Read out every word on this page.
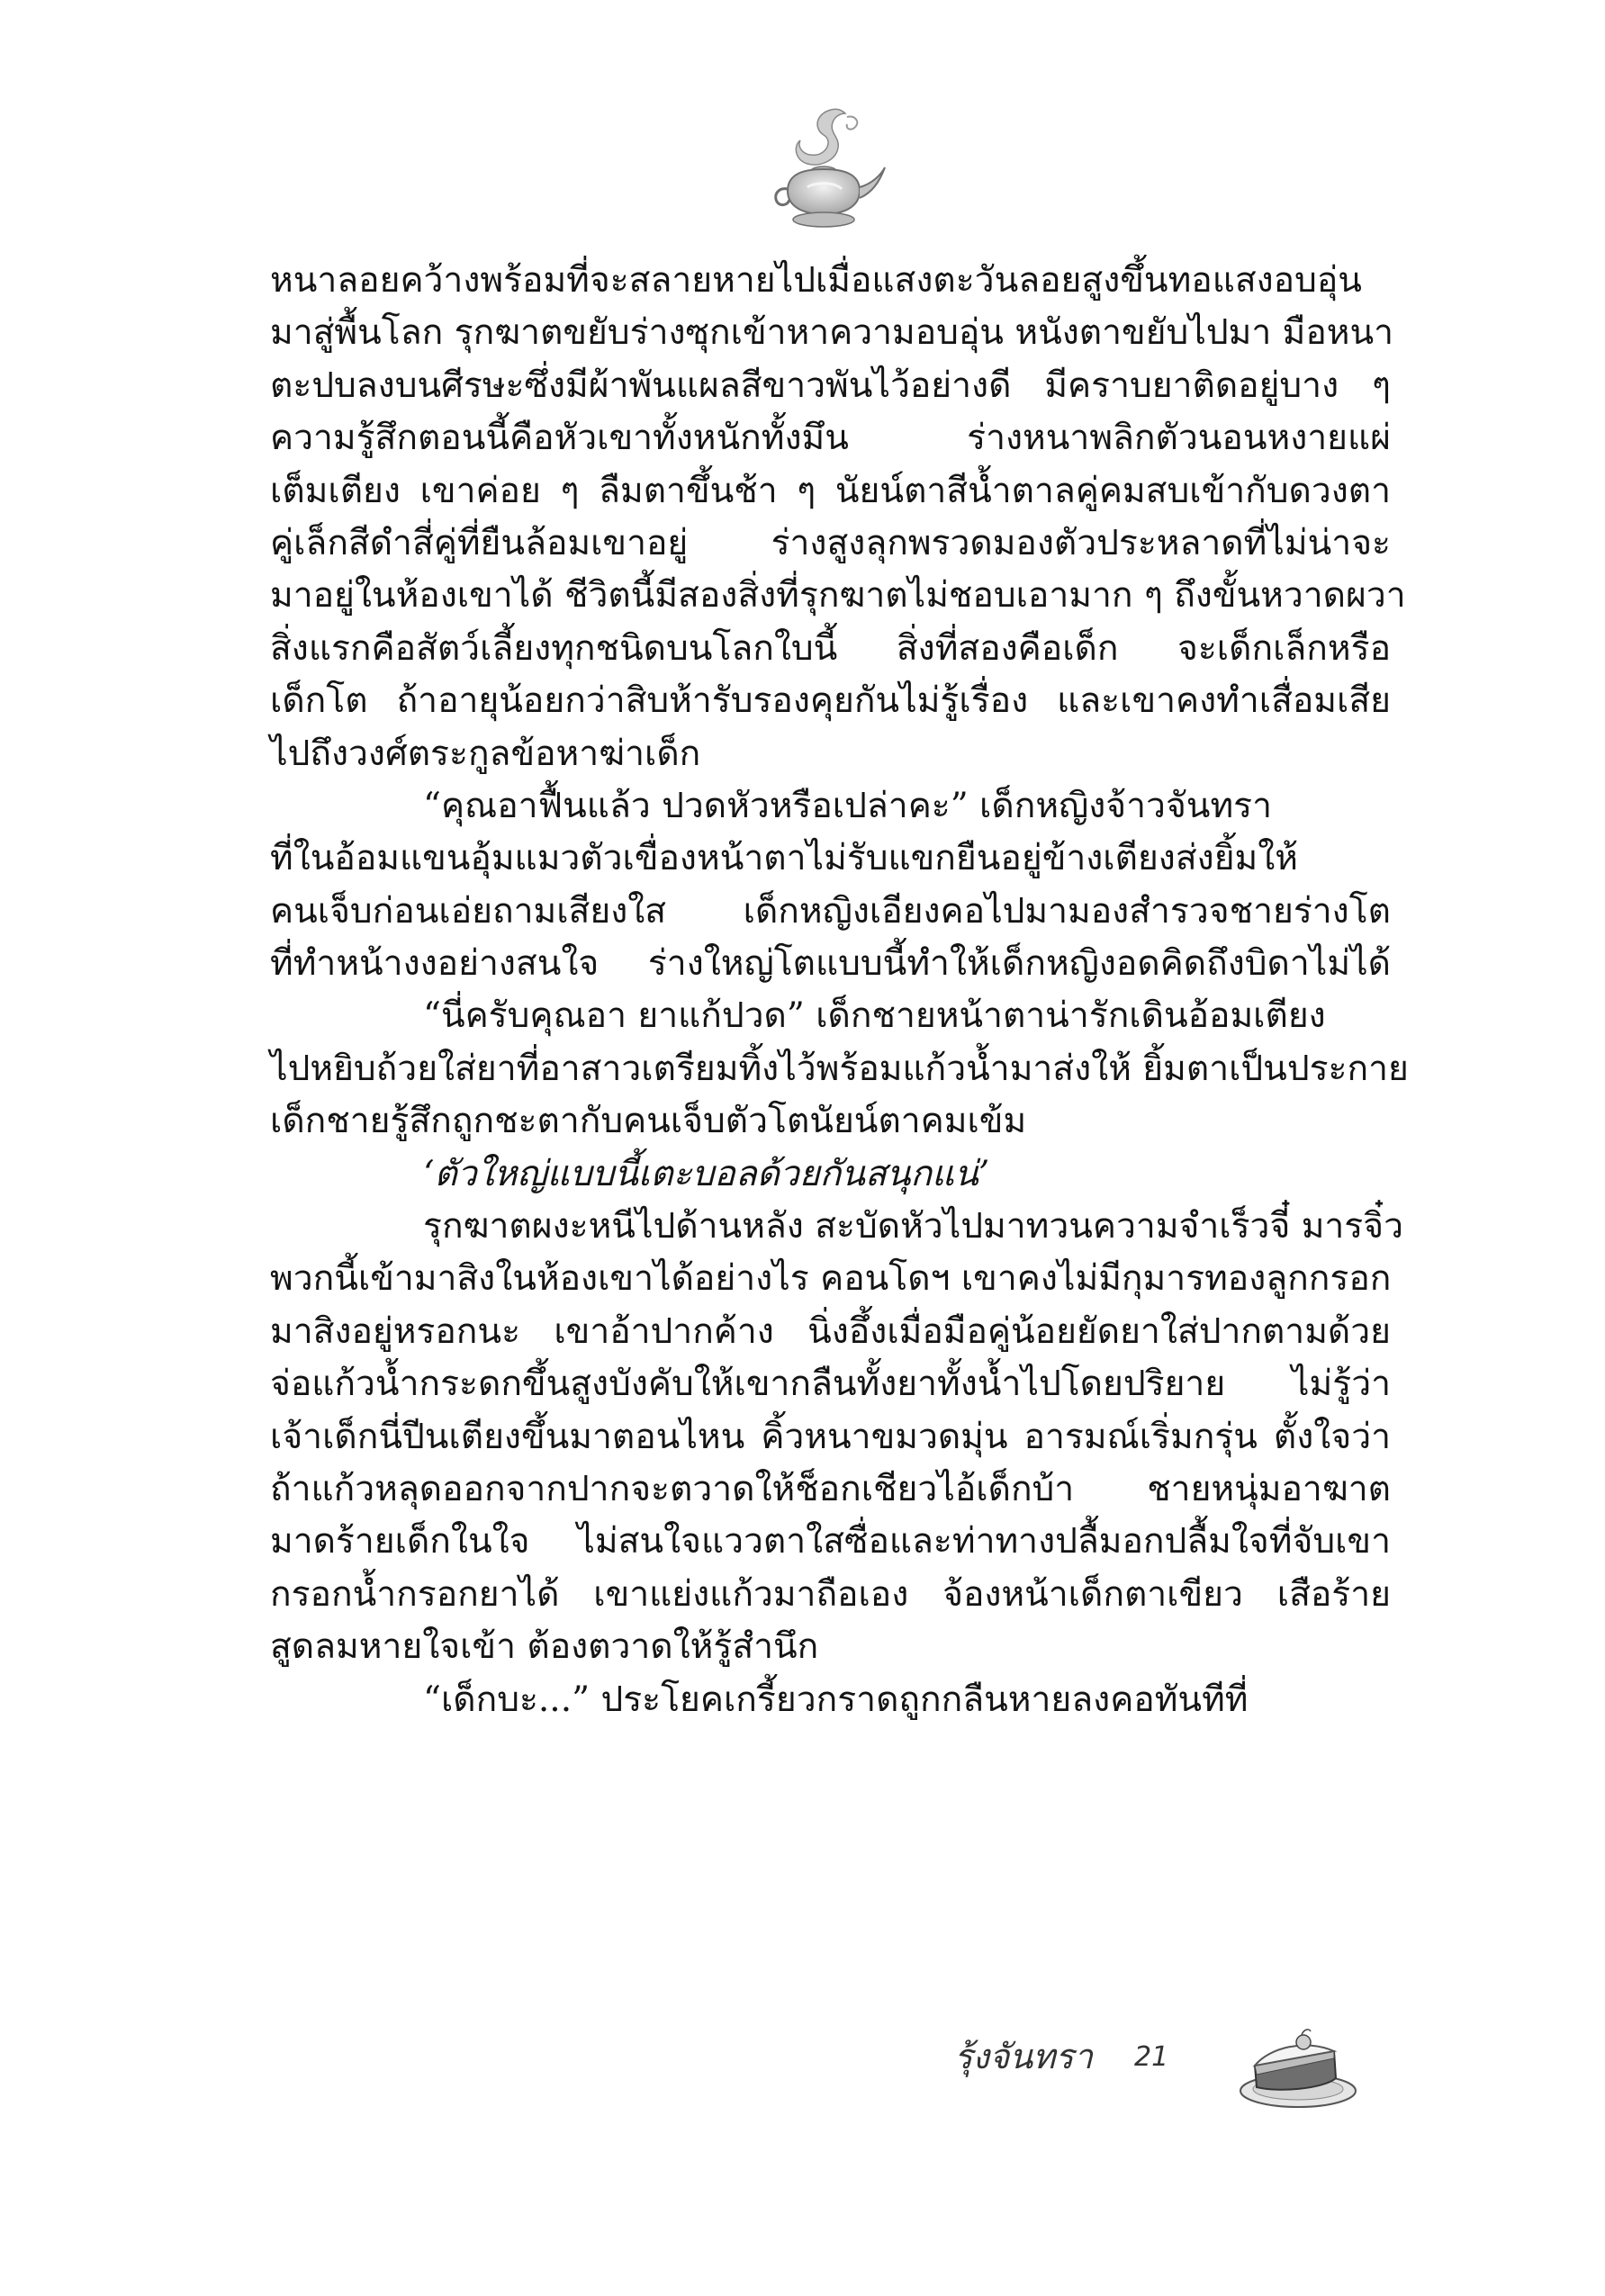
หนาลอยคว้างพร้อมที่จะสลายหายไปเมื่อแสงตะวันลอยสูงขึ้นทอแสงอบอุ่น
มาสู่พื้นโลก รุกฆาตขยับร่างซุกเข้าหาความอบอุ่น หนังตาขยับไปมา มือหนา
ตะปบลงบนศีรษะซึ่งมีผ้าพันแผลสีขาวพันไว้อย่างดี มีคราบยาติดอยู่บาง ๆ
ความรู้สึกตอนนี้คือหัวเขาทั้งหนักทั้งมึน ร่างหนาพลิกตัวนอนหงายแผ่
เต็มเตียง เขาค่อย ๆ ลืมตาขึ้นช้า ๆ นัยน์ตาสีน้ำตาลคู่คมสบเข้ากับดวงตา
คู่เล็กสีดำสี่คู่ที่ยืนล้อมเขาอยู่ ร่างสูงลุกพรวดมองตัวประหลาดที่ไม่น่าจะ
มาอยู่ในห้องเขาได้ ชีวิตนี้มีสองสิ่งที่รุกฆาตไม่ชอบเอามาก ๆ ถึงขั้นหวาดผวา
สิ่งแรกคือสัตว์เลี้ยงทุกชนิดบนโลกใบนี้ สิ่งที่สองคือเด็ก จะเด็กเล็กหรือ
เด็กโต ถ้าอายุน้อยกว่าสิบห้ารับรองคุยกันไม่รู้เรื่อง และเขาคงทำเสื่อมเสีย
ไปถึงวงศ์ตระกูลข้อหาฆ่าเด็ก
“คุณอาฟื้นแล้ว ปวดหัวหรือเปล่าคะ” เด็กหญิงจ้าวจันทรา
ที่ในอ้อมแขนอุ้มแมวตัวเขื่องหน้าตาไม่รับแขกยืนอยู่ข้างเตียงส่งยิ้มให้
คนเจ็บก่อนเอ่ยถามเสียงใส เด็กหญิงเอียงคอไปมามองสำรวจชายร่างโต
ที่ทำหน้างงอย่างสนใจ ร่างใหญ่โตแบบนี้ทำให้เด็กหญิงอดคิดถึงบิดาไม่ได้
“นี่ครับคุณอา ยาแก้ปวด” เด็กชายหน้าตาน่ารักเดินอ้อมเตียง
ไปหยิบถ้วยใส่ยาที่อาสาวเตรียมทิ้งไว้พร้อมแก้วน้ำมาส่งให้ ยิ้มตาเป็นประกาย
เด็กชายรู้สึกถูกชะตากับคนเจ็บตัวโตนัยน์ตาคมเข้ม
‘ตัวใหญ่แบบนี้เตะบอลด้วยกันสนุกแน่’
รุกฆาตผงะหนีไปด้านหลัง สะบัดหัวไปมาทวนความจำเร็วจี๋ มารจิ๋ว
พวกนี้เข้ามาสิงในห้องเขาได้อย่างไร คอนโดฯ เขาคงไม่มีกุมารทองลูกกรอก
มาสิงอยู่หรอกนะ เขาอ้าปากค้าง นิ่งอึ้งเมื่อมือคู่น้อยยัดยาใส่ปากตามด้วย
จ่อแก้วน้ำกระดกขึ้นสูงบังคับให้เขากลืนทั้งยาทั้งน้ำไปโดยปริยาย ไม่รู้ว่า
เจ้าเด็กนี่ปีนเตียงขึ้นมาตอนไหน คิ้วหนาขมวดมุ่น อารมณ์เริ่มกรุ่น ตั้งใจว่า
ถ้าแก้วหลุดออกจากปากจะตวาดให้ช็อกเชียวไอ้เด็กบ้า ชายหนุ่มอาฆาต
มาดร้ายเด็กในใจ ไม่สนใจแววตาใสซื่อและท่าทางปลื้มอกปลื้มใจที่จับเขา
กรอกน้ำกรอกยาได้ เขาแย่งแก้วมาถือเอง จ้องหน้าเด็กตาเขียว เสือร้าย
สูดลมหายใจเข้า ต้องตวาดให้รู้สำนึก
“เด็กบะ...” ประโยคเกรี้ยวกราดถูกกลืนหายลงคอทันทีที่
รุ้งจันทรา 21
